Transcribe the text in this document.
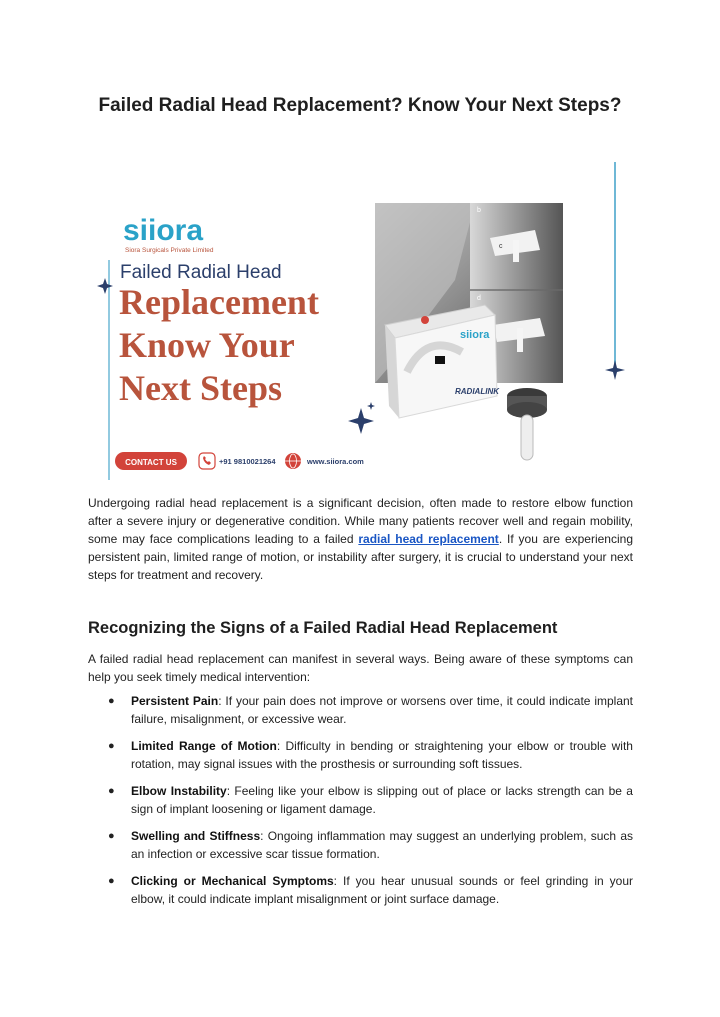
Failed Radial Head Replacement? Know Your Next Steps?
siiora
Siora Surgicals Private Limited
Failed Radial Head
Replacement
Know Your
Next Steps
CONTACT US	+91 9810021264	www.siiora.com
b
c
d
siiora
RADIALINK
Undergoing radial head replacement is a significant decision, often made to restore elbow function after a severe injury or degenerative condition. While many patients recover well and regain mobility, some may face complications leading to a failed radial head replacement. If you are experiencing persistent pain, limited range of motion, or instability after surgery, it is crucial to understand your next steps for treatment and recovery.
Recognizing the Signs of a Failed Radial Head Replacement
A failed radial head replacement can manifest in several ways. Being aware of these symptoms can help you seek timely medical intervention:
● Persistent Pain: If your pain does not improve or worsens over time, it could indicate implant failure, misalignment, or excessive wear.
● Limited Range of Motion: Difficulty in bending or straightening your elbow or trouble with rotation, may signal issues with the prosthesis or surrounding soft tissues.
● Elbow Instability: Feeling like your elbow is slipping out of place or lacks strength can be a sign of implant loosening or ligament damage.
● Swelling and Stiffness: Ongoing inflammation may suggest an underlying problem, such as an infection or excessive scar tissue formation.
● Clicking or Mechanical Symptoms: If you hear unusual sounds or feel grinding in your elbow, it could indicate implant misalignment or joint surface damage.
